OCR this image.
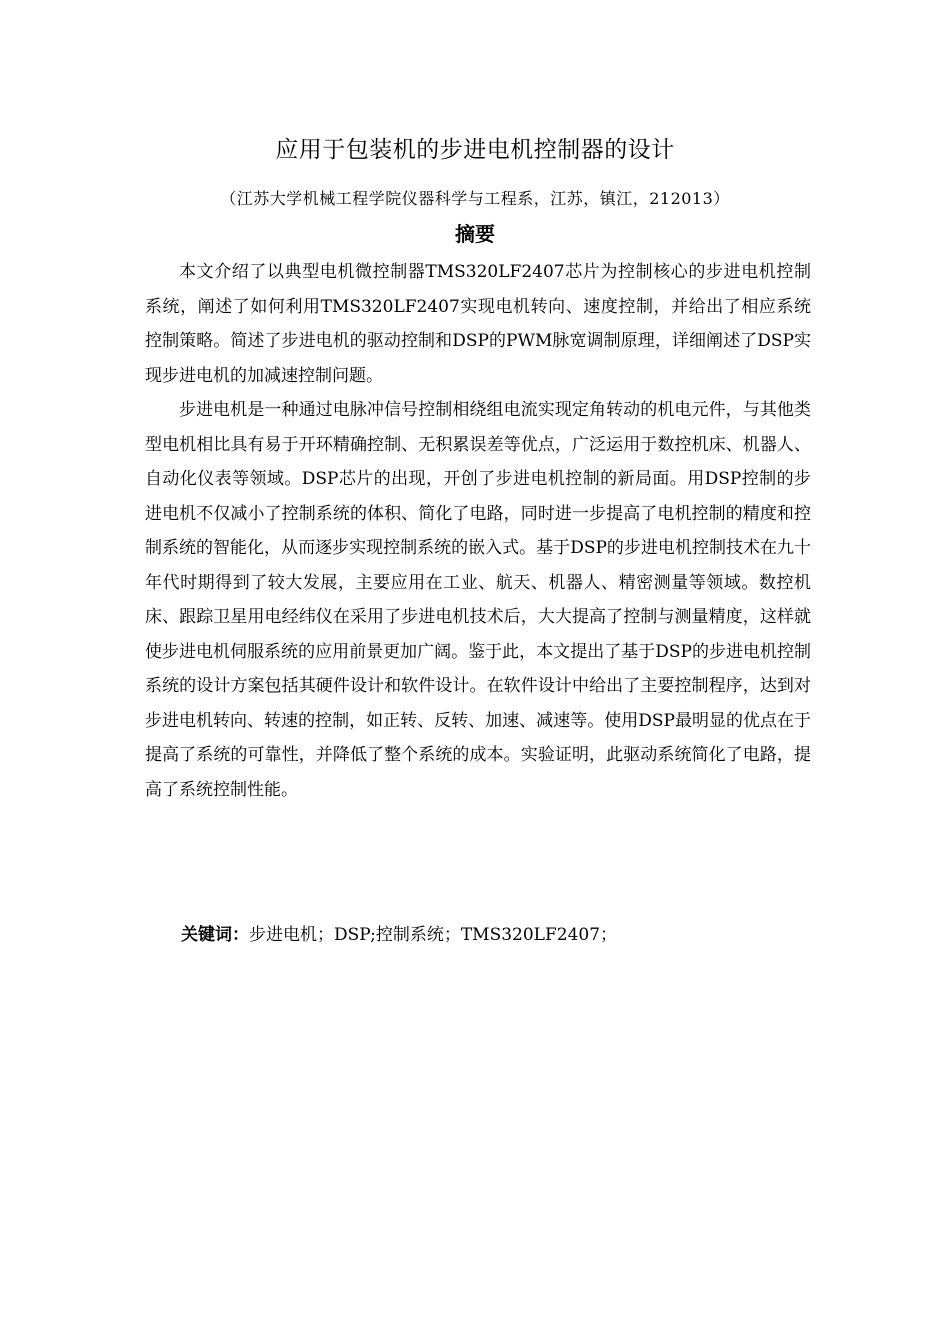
应用于包装机的步进电机控制器的设计
（江苏大学机械工程学院仪器科学与工程系，江苏，镇江，212013）
摘要

本文介绍了以典型电机微控制器TMS320LF2407芯片为控制核心的步进电机控制系统，阐述了如何利用TMS320LF2407实现电机转向、速度控制，并给出了相应系统控制策略。简述了步进电机的驱动控制和DSP的PWM脉宽调制原理，详细阐述了DSP实现步进电机的加减速控制问题。

步进电机是一种通过电脉冲信号控制相绕组电流实现定角转动的机电元件，与其他类型电机相比具有易于开环精确控制、无积累误差等优点，广泛运用于数控机床、机器人、自动化仪表等领域。DSP芯片的出现，开创了步进电机控制的新局面。用DSP控制的步进电机不仅减小了控制系统的体积、简化了电路，同时进一步提高了电机控制的精度和控制系统的智能化，从而逐步实现控制系统的嵌入式。基于DSP的步进电机控制技术在九十年代时期得到了较大发展，主要应用在工业、航天、机器人、精密测量等领域。数控机床、跟踪卫星用电经纬仪在采用了步进电机技术后，大大提高了控制与测量精度，这样就使步进电机伺服系统的应用前景更加广阔。鉴于此，本文提出了基于DSP的步进电机控制系统的设计方案包括其硬件设计和软件设计。在软件设计中给出了主要控制程序，达到对步进电机转向、转速的控制，如正转、反转、加速、减速等。使用DSP最明显的优点在于提高了系统的可靠性，并降低了整个系统的成本。实验证明，此驱动系统简化了电路，提高了系统控制性能。

关键词：步进电机；DSP;控制系统；TMS320LF2407；
